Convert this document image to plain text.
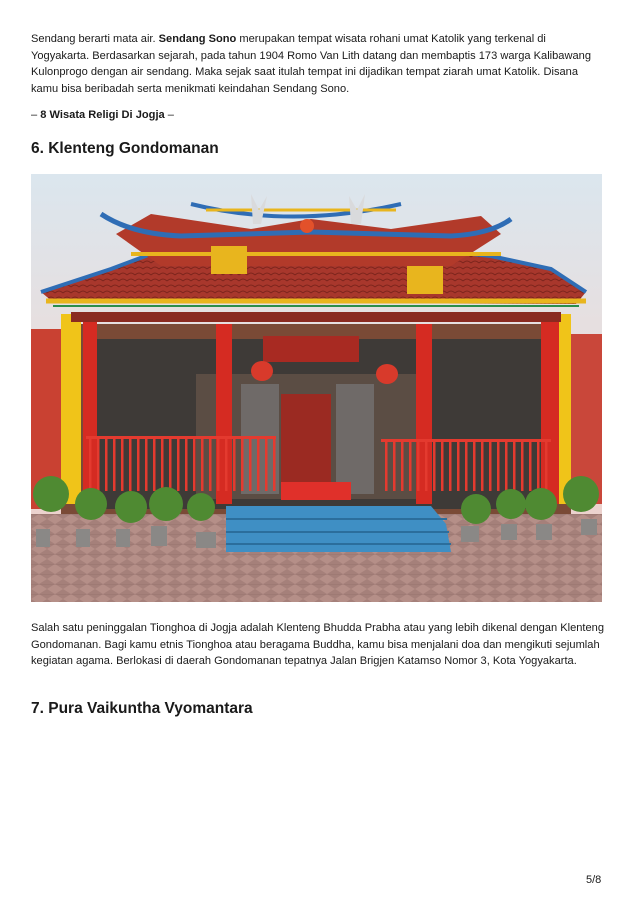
Sendang berarti mata air. Sendang Sono merupakan tempat wisata rohani umat Katolik yang terkenal di Yogyakarta. Berdasarkan sejarah, pada tahun 1904 Romo Van Lith datang dan membaptis 173 warga Kalibawang Kulonprogo dengan air sendang. Maka sejak saat itulah tempat ini dijadikan tempat ziarah umat Katolik. Disana kamu bisa beribadah serta menikmati keindahan Sendang Sono.

– 8 Wisata Religi Di Jogja –
6. Klenteng Gondomanan

Salah satu peninggalan Tionghoa di Jogja adalah Klenteng Bhudda Prabha atau yang lebih dikenal dengan Klenteng Gondomanan. Bagi kamu etnis Tionghoa atau beragama Buddha, kamu bisa menjalani doa dan mengikuti sejumlah kegiatan agama. Berlokasi di daerah Gondomanan tepatnya Jalan Brigjen Katamso Nomor 3, Kota Yogyakarta.

7. Pura Vaikuntha Vyomantara
5/8
